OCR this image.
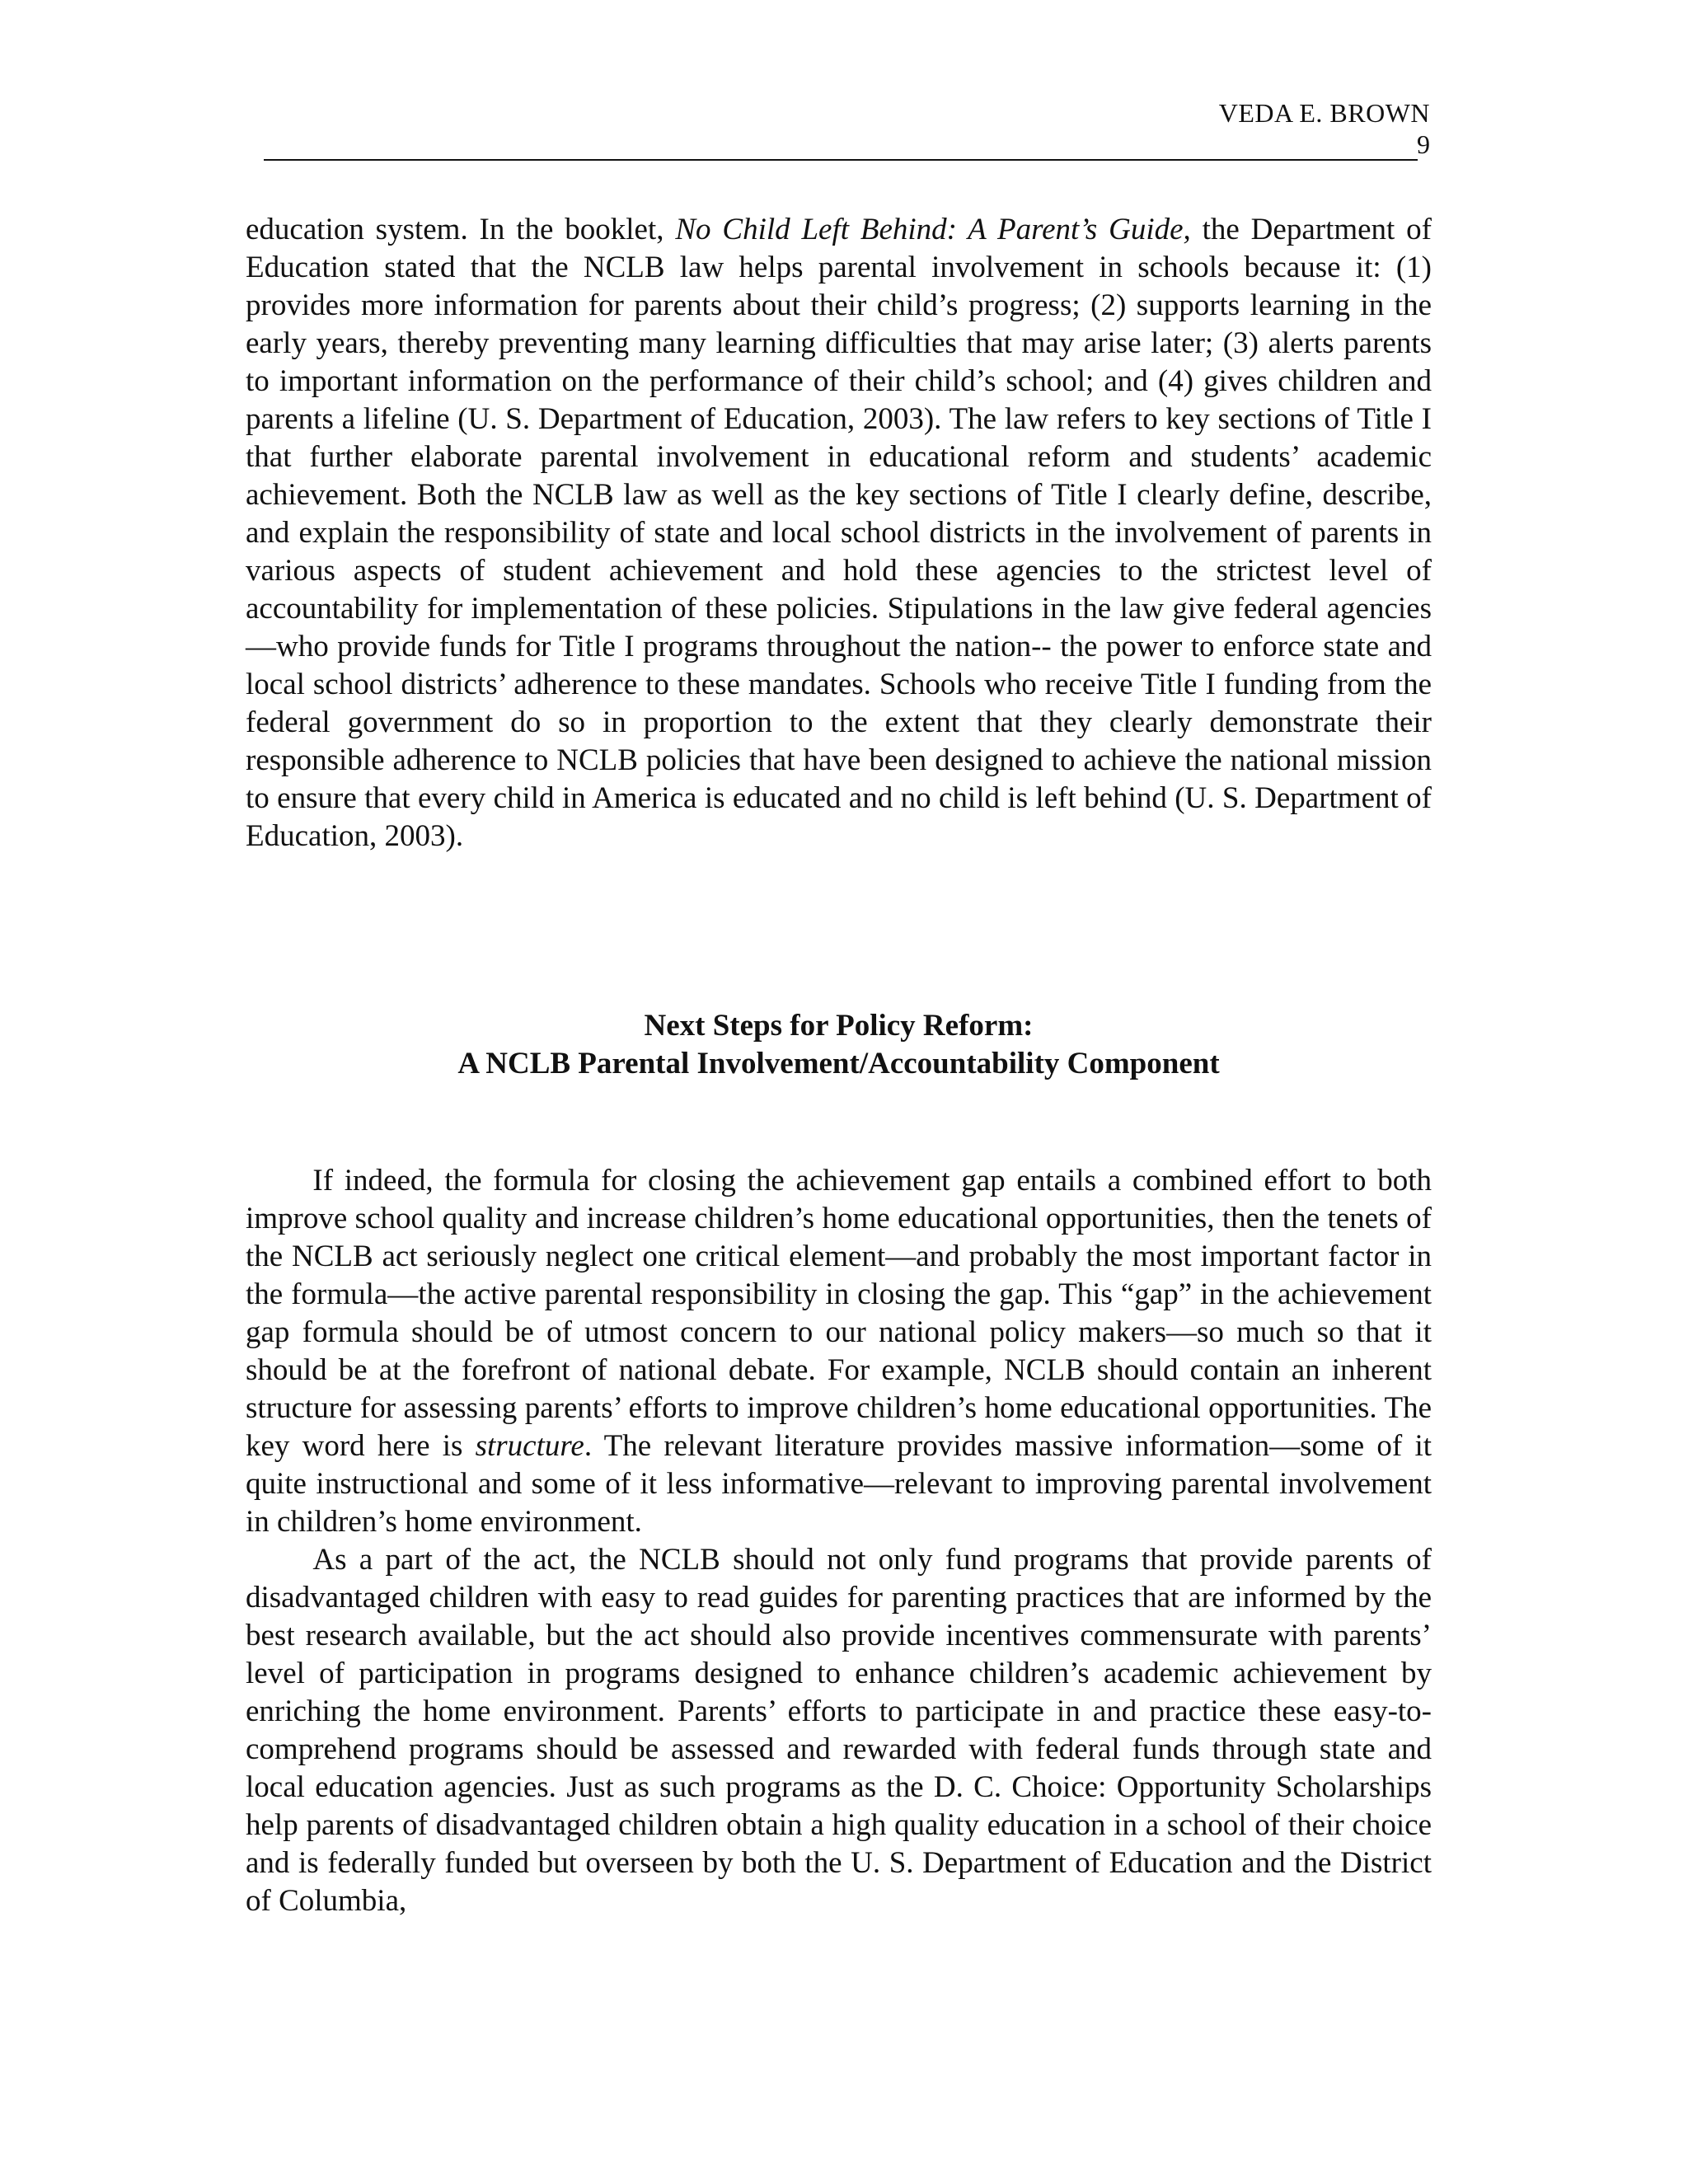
VEDA E. BROWN
9

education system. In the booklet, No Child Left Behind: A Parent’s Guide, the Department of Education stated that the NCLB law helps parental involvement in schools because it: (1) provides more information for parents about their child’s progress; (2) supports learning in the early years, thereby preventing many learning difficulties that may arise later; (3) alerts parents to important information on the performance of their child’s school; and (4) gives children and parents a lifeline (U. S. Department of Education, 2003). The law refers to key sections of Title I that further elaborate parental involvement in educational reform and students’ academic achievement. Both the NCLB law as well as the key sections of Title I clearly define, describe, and explain the responsibility of state and local school districts in the involvement of parents in various aspects of student achievement and hold these agencies to the strictest level of accountability for implementation of these policies. Stipulations in the law give federal agencies—who provide funds for Title I programs throughout the nation-- the power to enforce state and local school districts’ adherence to these mandates. Schools who receive Title I funding from the federal government do so in proportion to the extent that they clearly demonstrate their responsible adherence to NCLB policies that have been designed to achieve the national mission to ensure that every child in America is educated and no child is left behind (U. S. Department of Education, 2003).

Next Steps for Policy Reform:
A NCLB Parental Involvement/Accountability Component

If indeed, the formula for closing the achievement gap entails a combined effort to both improve school quality and increase children’s home educational opportunities, then the tenets of the NCLB act seriously neglect one critical element—and probably the most important factor in the formula—the active parental responsibility in closing the gap. This “gap” in the achievement gap formula should be of utmost concern to our national policy makers—so much so that it should be at the forefront of national debate. For example, NCLB should contain an inherent structure for assessing parents’ efforts to improve children’s home educational opportunities. The key word here is structure. The relevant literature provides massive information—some of it quite instructional and some of it less informative—relevant to improving parental involvement in children’s home environment.

As a part of the act, the NCLB should not only fund programs that provide parents of disadvantaged children with easy to read guides for parenting practices that are informed by the best research available, but the act should also provide incentives commensurate with parents’ level of participation in programs designed to enhance children’s academic achievement by enriching the home environment. Parents’ efforts to participate in and practice these easy-to-comprehend programs should be assessed and rewarded with federal funds through state and local education agencies. Just as such programs as the D. C. Choice: Opportunity Scholarships help parents of disadvantaged children obtain a high quality education in a school of their choice and is federally funded but overseen by both the U. S. Department of Education and the District of Columbia,
